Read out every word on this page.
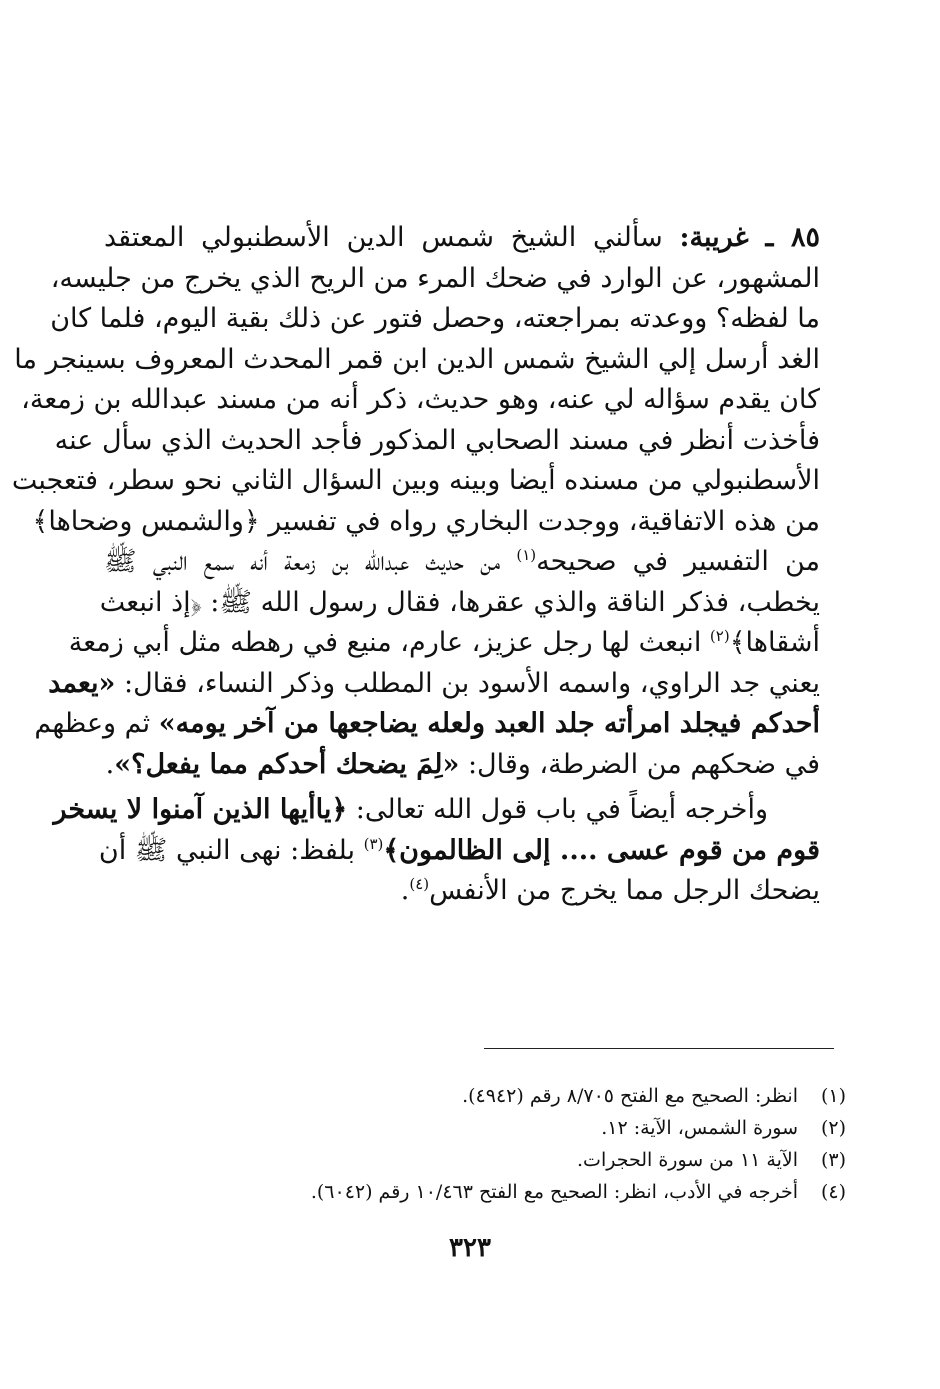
٨٥ ـ غريبة: سألني الشيخ شمس الدين الأسطنبولي المعتقد
المشهور، عن الوارد في ضحك المرء من الريح الذي يخرج من جليسه،
ما لفظه؟ ووعدته بمراجعته، وحصل فتور عن ذلك بقية اليوم، فلما كان
الغد أرسل إلي الشيخ شمس الدين ابن قمر المحدث المعروف بسينجر ما
كان يقدم سؤاله لي عنه، وهو حديث، ذكر أنه من مسند عبدالله بن زمعة،
فأخذت أنظر في مسند الصحابي المذكور فأجد الحديث الذي سأل عنه
الأسطنبولي من مسنده أيضا وبينه وبين السؤال الثاني نحو سطر، فتعجبت
من هذه الاتفاقية، ووجدت البخاري رواه في تفسير ﴿والشمس وضحاها﴾
من التفسير في صحيحه$^{(١)}$ من حديث عبدالله بن زمعة أنه سمع النبي ﷺ
يخطب، فذكر الناقة والذي عقرها، فقال رسول الله ﷺ: ﴿إذ انبعث
أشقاها﴾$^{(٢)}$ انبعث لها رجل عزيز، عارم، منيع في رهطه مثل أبي زمعة
يعني جد الراوي، واسمه الأسود بن المطلب وذكر النساء، فقال: «يعمد
أحدكم فيجلد امرأته جلد العبد ولعله يضاجعها من آخر يومه» ثم وعظهم
في ضحكهم من الضرطة، وقال: «لِمَ يضحك أحدكم مما يفعل؟».
وأخرجه أيضاً في باب قول الله تعالى: ﴿ياأيها الذين آمنوا لا يسخر
قوم من قوم عسى .... إلى الظالمون﴾$^{(٣)}$ بلفظ: نهى النبي ﷺ أن
يضحك الرجل مما يخرج من الأنفس$^{(٤)}$.
(١)
انظر: الصحيح مع الفتح ٨/٧٠٥ رقم (٤٩٤٢).
(٢)
سورة الشمس، الآية: ١٢.
(٣)
الآية ١١ من سورة الحجرات.
(٤)
أخرجه في الأدب، انظر: الصحيح مع الفتح ١٠/٤٦٣ رقم (٦٠٤٢).
٣٢٣
